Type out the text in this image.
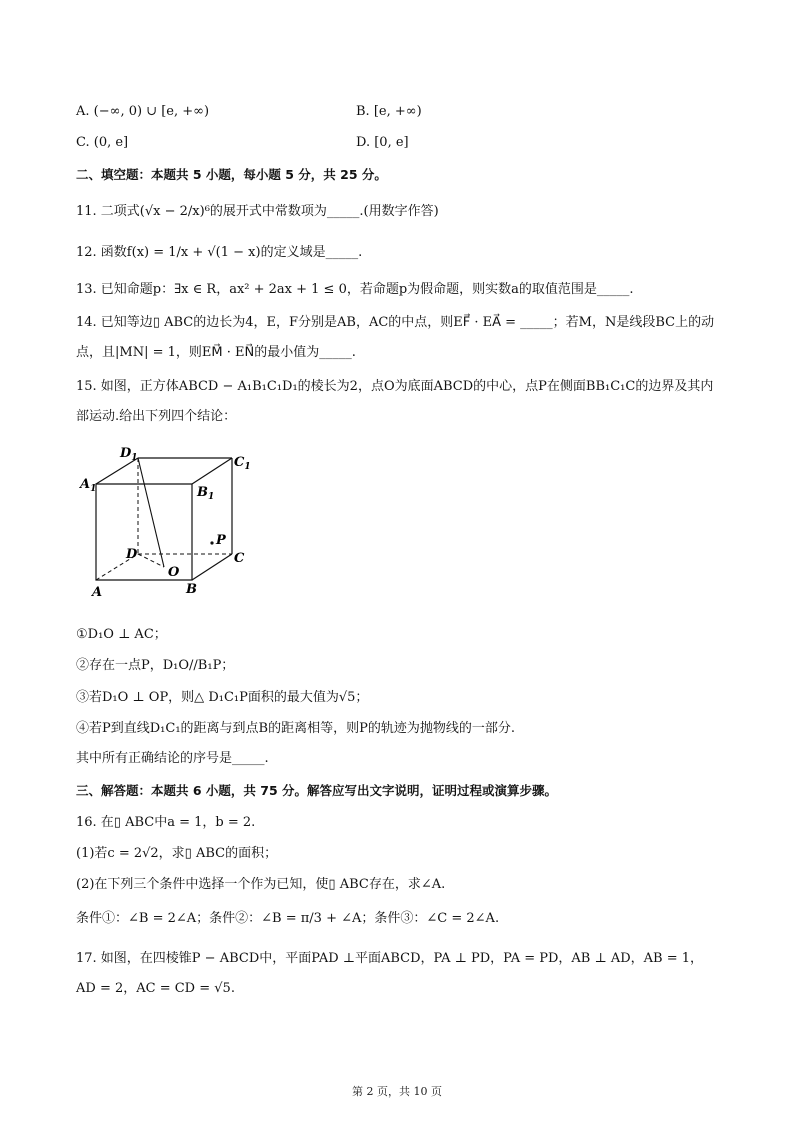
A. (−∞, 0) ∪ [e, +∞)	B. [e, +∞)
C. (0, e]	D. [0, e]
二、填空题：本题共 5 小题，每小题 5 分，共 25 分。
11. 二项式(√x − 2/x)⁶的展开式中常数项为_____.(用数字作答)
12. 函数f(x) = 1/x + √(1 − x)的定义域是_____.
13. 已知命题p：∃x ∈ R，ax² + 2ax + 1 ≤ 0，若命题p为假命题，则实数a的取值范围是_____.
14. 已知等边▯ ABC的边长为4，E，F分别是AB，AC的中点，则EF⃗ · EA⃗ = _____；若M，N是线段BC上的动
点，且|MN| = 1，则EM⃗ · EN⃗的最小值为_____.
15. 如图，正方体ABCD − A₁B₁C₁D₁的棱长为2，点O为底面ABCD的中心，点P在侧面BB₁C₁C的边界及其内
部运动.给出下列四个结论：
$D_1$	$C_1$
$A_1$	$B_1$
D
P
C
O
A	B
①D₁O ⊥ AC；
②存在一点P，D₁O//B₁P；
③若D₁O ⊥ OP，则△ D₁C₁P面积的最大值为√5；
④若P到直线D₁C₁的距离与到点B的距离相等，则P的轨迹为抛物线的一部分.
其中所有正确结论的序号是_____.
三、解答题：本题共 6 小题，共 75 分。解答应写出文字说明，证明过程或演算步骤。
16. 在▯ ABC中a = 1，b = 2.
(1)若c = 2√2，求▯ ABC的面积；
(2)在下列三个条件中选择一个作为已知，使▯ ABC存在，求∠A.
条件①：∠B = 2∠A；条件②：∠B = π/3 + ∠A；条件③：∠C = 2∠A.
17. 如图，在四棱锥P − ABCD中，平面PAD ⊥平面ABCD，PA ⊥ PD，PA = PD，AB ⊥ AD，AB = 1，
AD = 2，AC = CD = √5.
第 2 页，共 10 页
